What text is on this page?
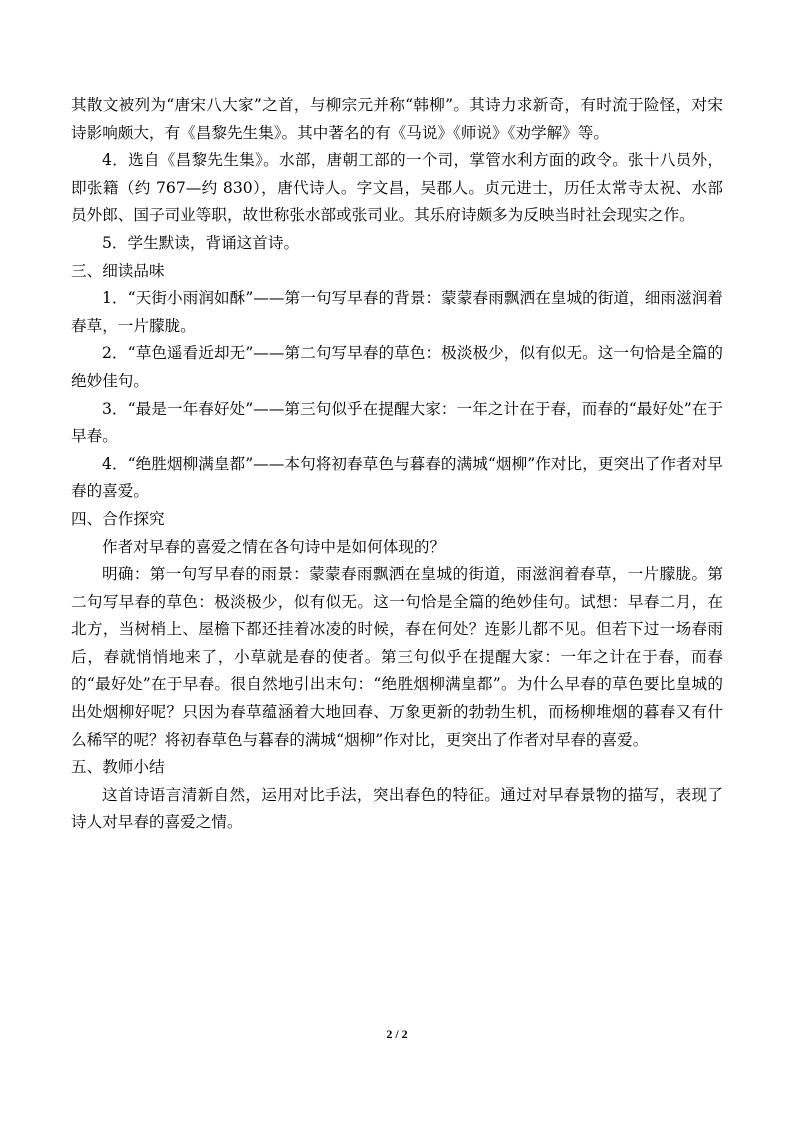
其散文被列为“唐宋八大家”之首，与柳宗元并称“韩柳”。其诗力求新奇，有时流于险怪，对宋诗影响颇大，有《昌黎先生集》。其中著名的有《马说》《师说》《劝学解》等。

4．选自《昌黎先生集》。水部，唐朝工部的一个司，掌管水利方面的政令。张十八员外，即张籍（约 767—约 830），唐代诗人。字文昌，吴郡人。贞元进士，历任太常寺太祝、水部员外郎、国子司业等职，故世称张水部或张司业。其乐府诗颇多为反映当时社会现实之作。

5．学生默读，背诵这首诗。

三、细读品味

1．“天街小雨润如酥”——第一句写早春的背景：蒙蒙春雨飘洒在皇城的街道，细雨滋润着春草，一片朦胧。

2．“草色遥看近却无”——第二句写早春的草色：极淡极少，似有似无。这一句恰是全篇的绝妙佳句。

3．“最是一年春好处”——第三句似乎在提醒大家：一年之计在于春，而春的“最好处”在于早春。

4．“绝胜烟柳满皇都”——本句将初春草色与暮春的满城“烟柳”作对比，更突出了作者对早春的喜爱。

四、合作探究

作者对早春的喜爱之情在各句诗中是如何体现的？

明确：第一句写早春的雨景：蒙蒙春雨飘洒在皇城的街道，雨滋润着春草，一片朦胧。第二句写早春的草色：极淡极少，似有似无。这一句恰是全篇的绝妙佳句。试想：早春二月，在北方，当树梢上、屋檐下都还挂着冰凌的时候，春在何处？连影儿都不见。但若下过一场春雨后，春就悄悄地来了，小草就是春的使者。第三句似乎在提醒大家：一年之计在于春，而春的“最好处”在于早春。很自然地引出末句：“绝胜烟柳满皇都”。为什么早春的草色要比皇城的出处烟柳好呢？只因为春草蕴涵着大地回春、万象更新的勃勃生机，而杨柳堆烟的暮春又有什么稀罕的呢？将初春草色与暮春的满城“烟柳”作对比，更突出了作者对早春的喜爱。

五、教师小结

这首诗语言清新自然，运用对比手法，突出春色的特征。通过对早春景物的描写，表现了诗人对早春的喜爱之情。

2 / 2
